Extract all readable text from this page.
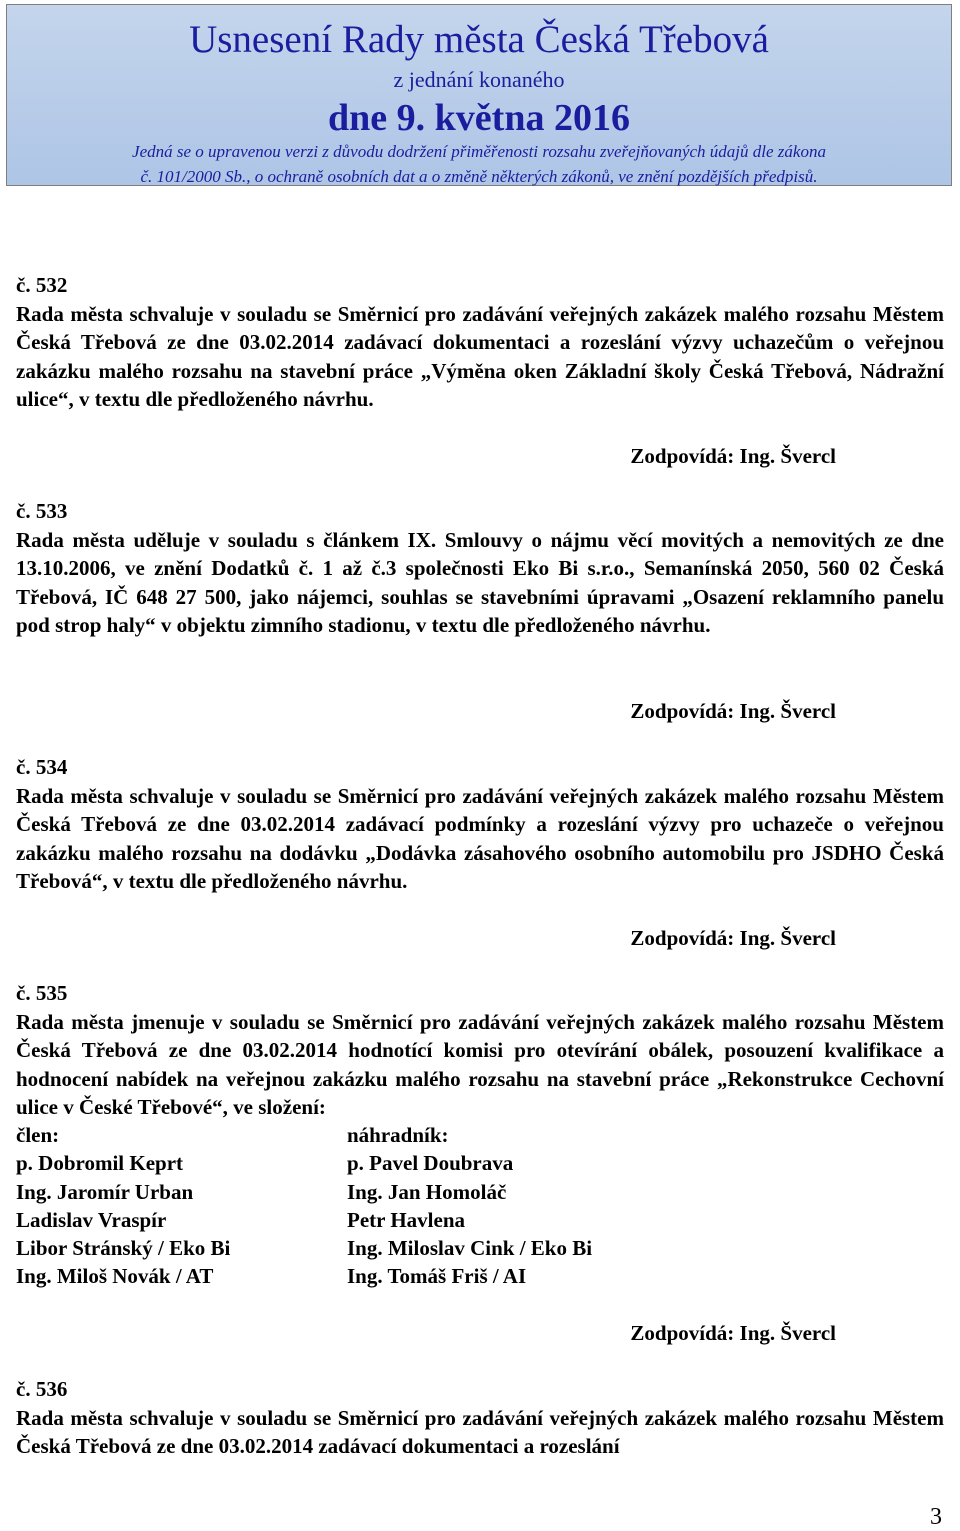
Usnesení Rady města Česká Třebová
z jednání konaného
dne 9. května 2016
Jedná se o upravenou verzi z důvodu dodržení přiměřenosti rozsahu zveřejňovaných údajů dle zákona
č. 101/2000 Sb., o ochraně osobních dat a o změně některých zákonů, ve znění pozdějších předpisů.
č. 532
Rada města schvaluje v souladu se Směrnicí pro zadávání veřejných zakázek malého rozsahu Městem Česká Třebová ze dne 03.02.2014 zadávací dokumentaci a rozeslání výzvy uchazečům o veřejnou zakázku malého rozsahu na stavební práce „Výměna oken Základní školy Česká Třebová, Nádražní ulice“, v textu dle předloženého návrhu.
Zodpovídá: Ing. Švercl
č. 533
Rada města uděluje v souladu s článkem IX. Smlouvy o nájmu věcí movitých a nemovitých ze dne 13.10.2006, ve znění Dodatků č. 1 až č.3 společnosti Eko Bi s.r.o., Semanínská 2050, 560 02 Česká Třebová, IČ 648 27 500, jako nájemci, souhlas se stavebními úpravami „Osazení reklamního panelu pod strop haly“ v objektu zimního stadionu, v textu dle předloženého návrhu.
Zodpovídá: Ing. Švercl
č. 534
Rada města schvaluje v souladu se Směrnicí pro zadávání veřejných zakázek malého rozsahu Městem Česká Třebová ze dne 03.02.2014 zadávací podmínky a rozeslání výzvy pro uchazeče o veřejnou zakázku malého rozsahu na dodávku „Dodávka zásahového osobního automobilu pro JSDHO Česká Třebová“, v textu dle předloženého návrhu.
Zodpovídá: Ing. Švercl
č. 535
Rada města jmenuje v souladu se Směrnicí pro zadávání veřejných zakázek malého rozsahu Městem Česká Třebová ze dne 03.02.2014 hodnotící komisi pro otevírání obálek, posouzení kvalifikace a hodnocení nabídek na veřejnou zakázku malého rozsahu na stavební práce „Rekonstrukce Cechovní ulice v České Třebové“, ve složení:
člen:	náhradník:
p. Dobromil Keprt	p. Pavel Doubrava
Ing. Jaromír Urban	Ing. Jan Homoláč
Ladislav Vraspír	Petr Havlena
Libor Stránský / Eko Bi	Ing. Miloslav Cink / Eko Bi
Ing. Miloš Novák / AT	Ing. Tomáš Friš / AI
Zodpovídá: Ing. Švercl
č. 536
Rada města schvaluje v souladu se Směrnicí pro zadávání veřejných zakázek malého rozsahu Městem Česká Třebová ze dne 03.02.2014 zadávací dokumentaci a rozeslání
3
